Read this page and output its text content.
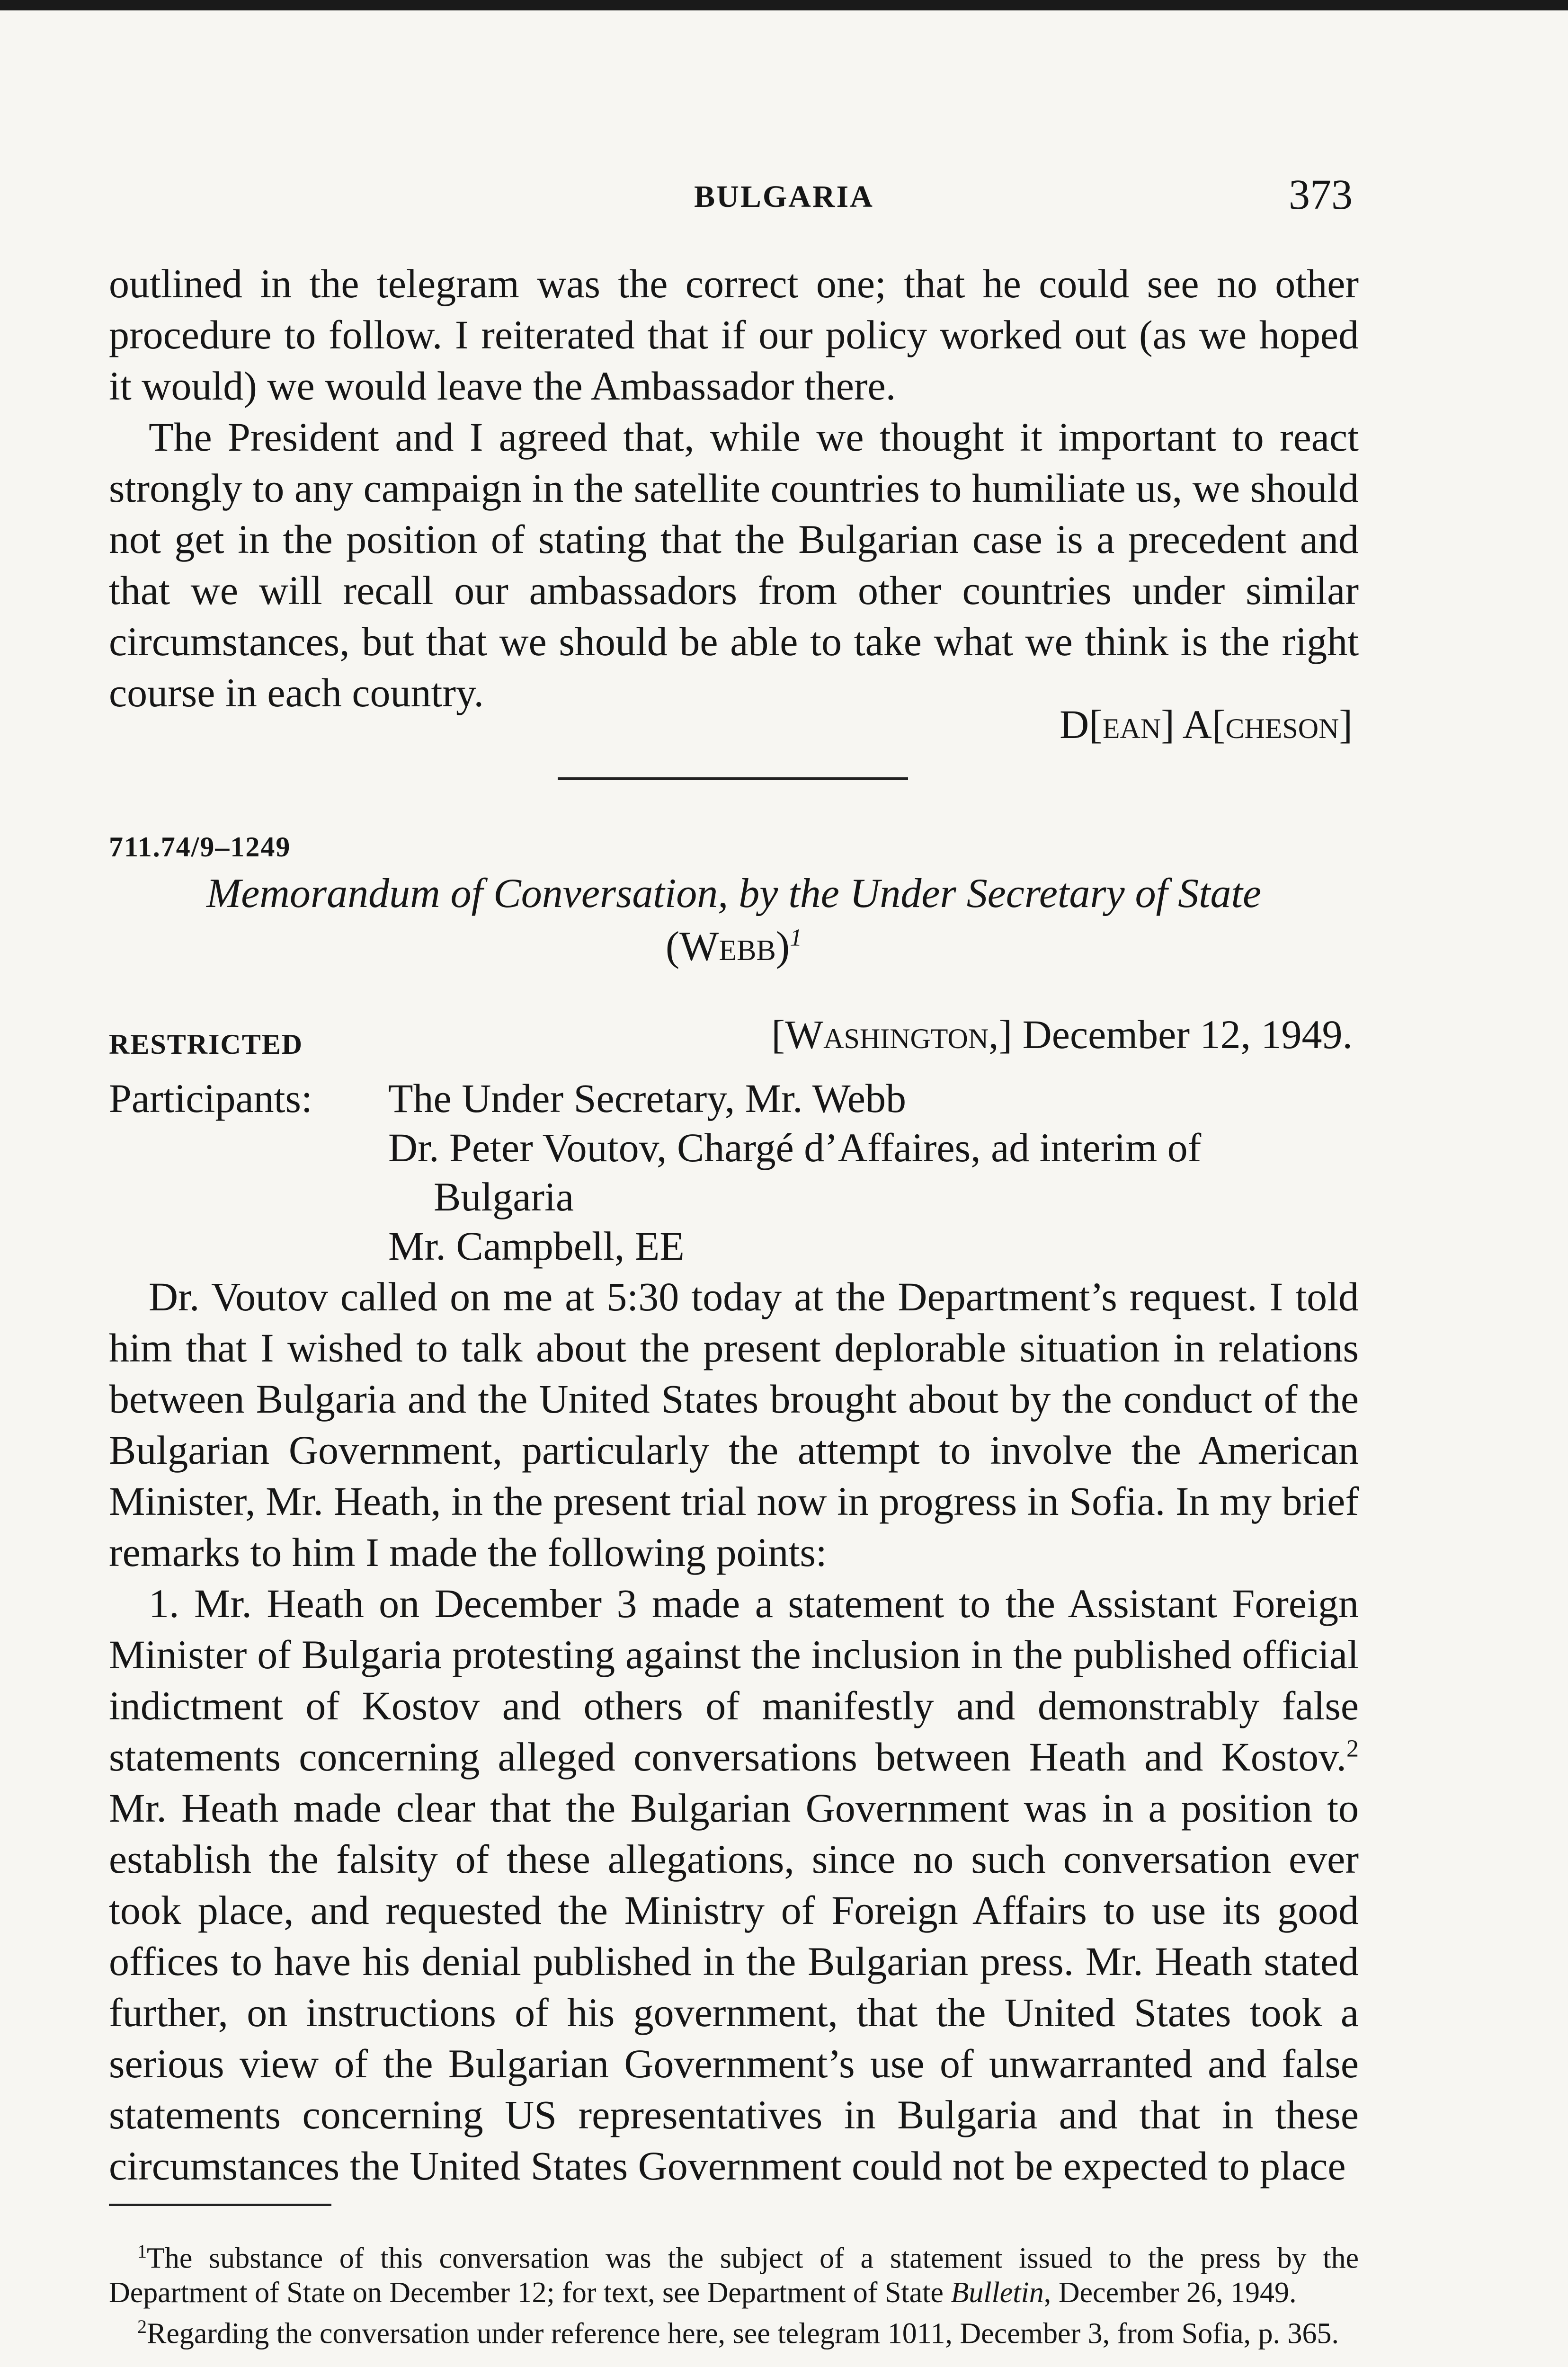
BULGARIA	373

outlined in the telegram was the correct one; that he could see no other procedure to follow. I reiterated that if our policy worked out (as we hoped it would) we would leave the Ambassador there.

The President and I agreed that, while we thought it important to react strongly to any campaign in the satellite countries to humiliate us, we should not get in the position of stating that the Bulgarian case is a precedent and that we will recall our ambassadors from other countries under similar circumstances, but that we should be able to take what we think is the right course in each country.

D[ean] A[cheson]
711.74/9–1249
Memorandum of Conversation, by the Under Secretary of State
(Webb)$^1$
RESTRICTED	[Washington,] December 12, 1949.
Participants: The Under Secretary, Mr. Webb
Dr. Peter Voutov, Chargé d’Affaires, ad interim of
Bulgaria
Mr. Campbell, EE

Dr. Voutov called on me at 5:30 today at the Department’s request. I told him that I wished to talk about the present deplorable situation in relations between Bulgaria and the United States brought about by the conduct of the Bulgarian Government, particularly the attempt to involve the American Minister, Mr. Heath, in the present trial now in progress in Sofia. In my brief remarks to him I made the following points:

1. Mr. Heath on December 3 made a statement to the Assistant Foreign Minister of Bulgaria protesting against the inclusion in the published official indictment of Kostov and others of manifestly and demonstrably false statements concerning alleged conversations between Heath and Kostov.$^2$ Mr. Heath made clear that the Bulgarian Government was in a position to establish the falsity of these allegations, since no such conversation ever took place, and requested the Ministry of Foreign Affairs to use its good offices to have his denial published in the Bulgarian press. Mr. Heath stated further, on instructions of his government, that the United States took a serious view of the Bulgarian Government’s use of unwarranted and false statements concerning US representatives in Bulgaria and that in these circumstances the United States Government could not be expected to place

$^1$The substance of this conversation was the subject of a statement issued to the press by the Department of State on December 12; for text, see Department of State Bulletin, December 26, 1949.

$^2$Regarding the conversation under reference here, see telegram 1011, December 3, from Sofia, p. 365.
